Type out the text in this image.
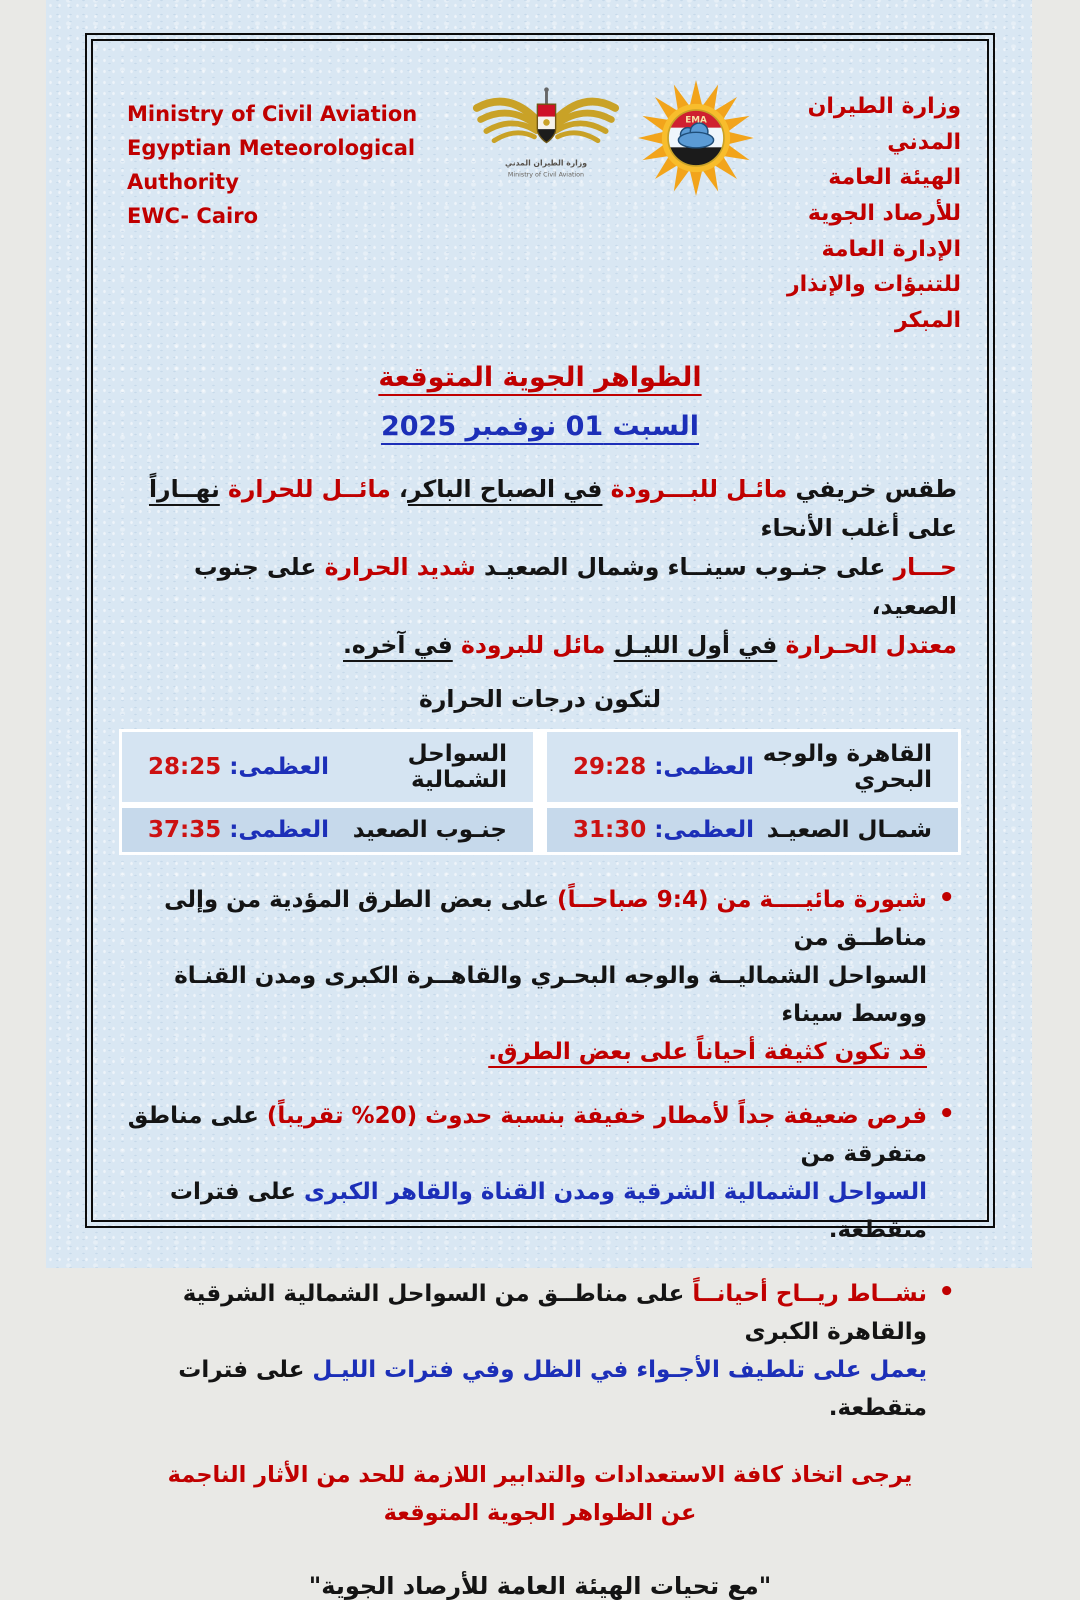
Ministry of Civil Aviation
Egyptian Meteorological Authority
EWC- Cairo
وزارة الطيران المدني
Ministry of Civil Aviation
EMA
وزارة الطيران المدني
الهيئة العامة للأرصاد الجوية
الإدارة العامة للتنبؤات والإنذار المبكر
الظواهر الجوية المتوقعة
السبت 01 نوفمبر 2025
طقس خريفي مائـل للبـــرودة في الصباح الباكر، مائــل للحرارة نهــاراً على أغلب الأنحاء
حـــار على جنـوب سينــاء وشمال الصعيـد شديد الحرارة على جنوب الصعيد،
معتدل الحـرارة في أول الليـل مائل للبرودة في آخره.
لتكون درجات الحرارة
القاهرة والوجه البحري
العظمى: 29:28
السواحل الشمالية
العظمى: 28:25
شمـال الصعيـد
العظمى: 31:30
جنـوب الصعيد
العظمى: 37:35
•
شبورة مائيــــة من (9:4 صباحــاً) على بعض الطرق المؤدية من وإلى مناطــق من
السواحل الشماليــة والوجه البحـري والقاهــرة الكبرى ومدن القنـاة ووسط سيناء
قد تكون كثيفة أحياناً على بعض الطرق.
•
فرص ضعيفة جداً لأمطار خفيفة بنسبة حدوث (20% تقريباً) على مناطق متفرقة من
السواحل الشمالية الشرقية ومدن القناة والقاهر الكبرى على فترات متقطعة.
•
نشــاط ريــاح أحيانــاً على مناطــق من السواحل الشمالية الشرقية والقاهرة الكبرى
يعمل على تلطيف الأجـواء في الظل وفي فترات الليـل على فترات متقطعة.
يرجى اتخاذ كافة الاستعدادات والتدابير اللازمة للحد من الأثار الناجمة
عن الظواهر الجوية المتوقعة
"مع تحيات الهيئة العامة للأرصاد الجوية"
